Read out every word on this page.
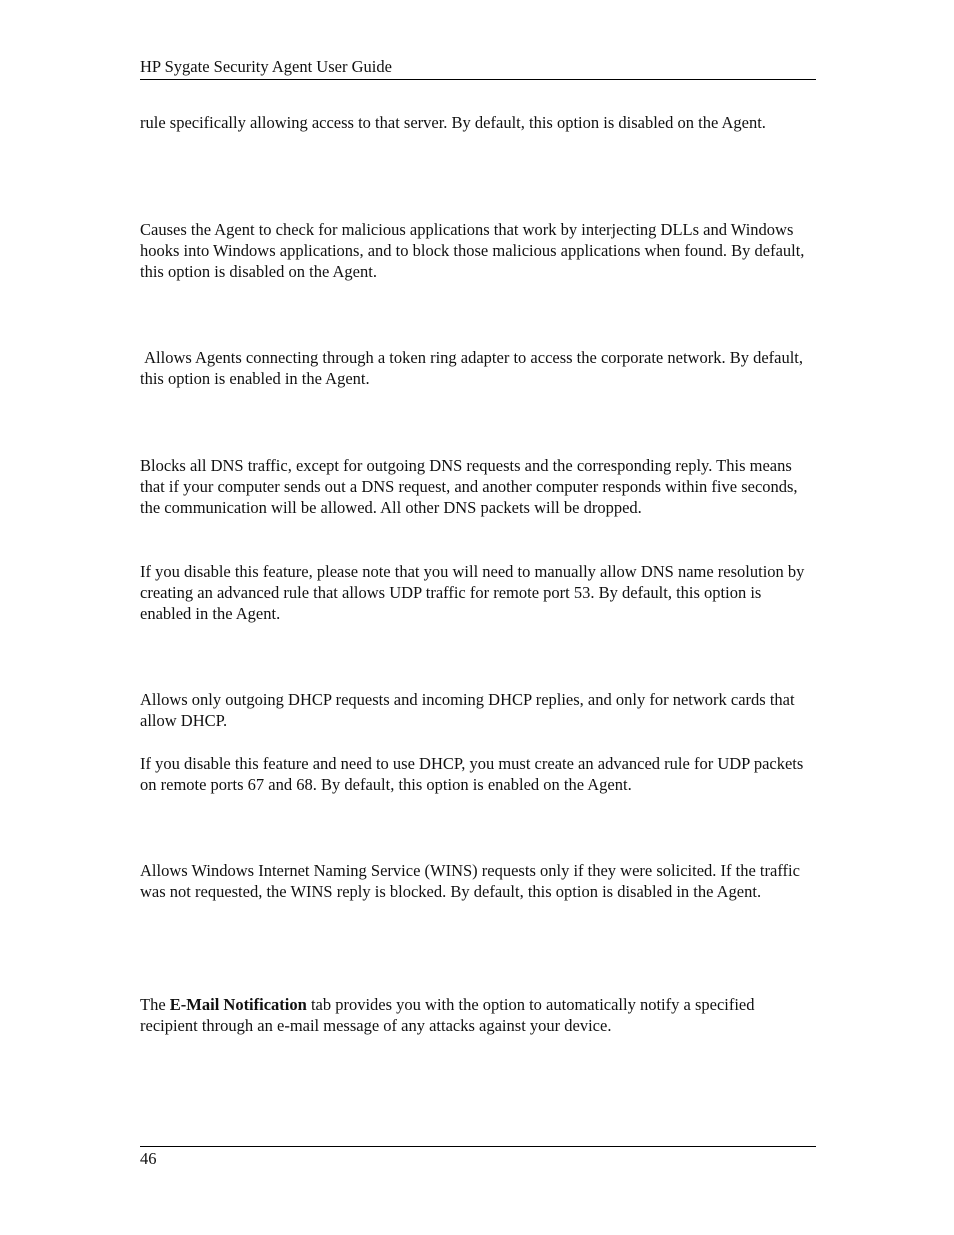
HP Sygate Security Agent User Guide

rule specifically allowing access to that server. By default, this option is disabled on the Agent.

Causes the Agent to check for malicious applications that work by interjecting DLLs and Windows hooks into Windows applications, and to block those malicious applications when found. By default, this option is disabled on the Agent.

Allows Agents connecting through a token ring adapter to access the corporate network. By default, this option is enabled in the Agent.

Blocks all DNS traffic, except for outgoing DNS requests and the corresponding reply. This means that if your computer sends out a DNS request, and another computer responds within five seconds, the communication will be allowed. All other DNS packets will be dropped.

If you disable this feature, please note that you will need to manually allow DNS name resolution by creating an advanced rule that allows UDP traffic for remote port 53. By default, this option is enabled in the Agent.

Allows only outgoing DHCP requests and incoming DHCP replies, and only for network cards that allow DHCP.

If you disable this feature and need to use DHCP, you must create an advanced rule for UDP packets on remote ports 67 and 68. By default, this option is enabled on the Agent.

Allows Windows Internet Naming Service (WINS) requests only if they were solicited. If the traffic was not requested, the WINS reply is blocked. By default, this option is disabled in the Agent.

The E-Mail Notification tab provides you with the option to automatically notify a specified recipient through an e-mail message of any attacks against your device.

46
